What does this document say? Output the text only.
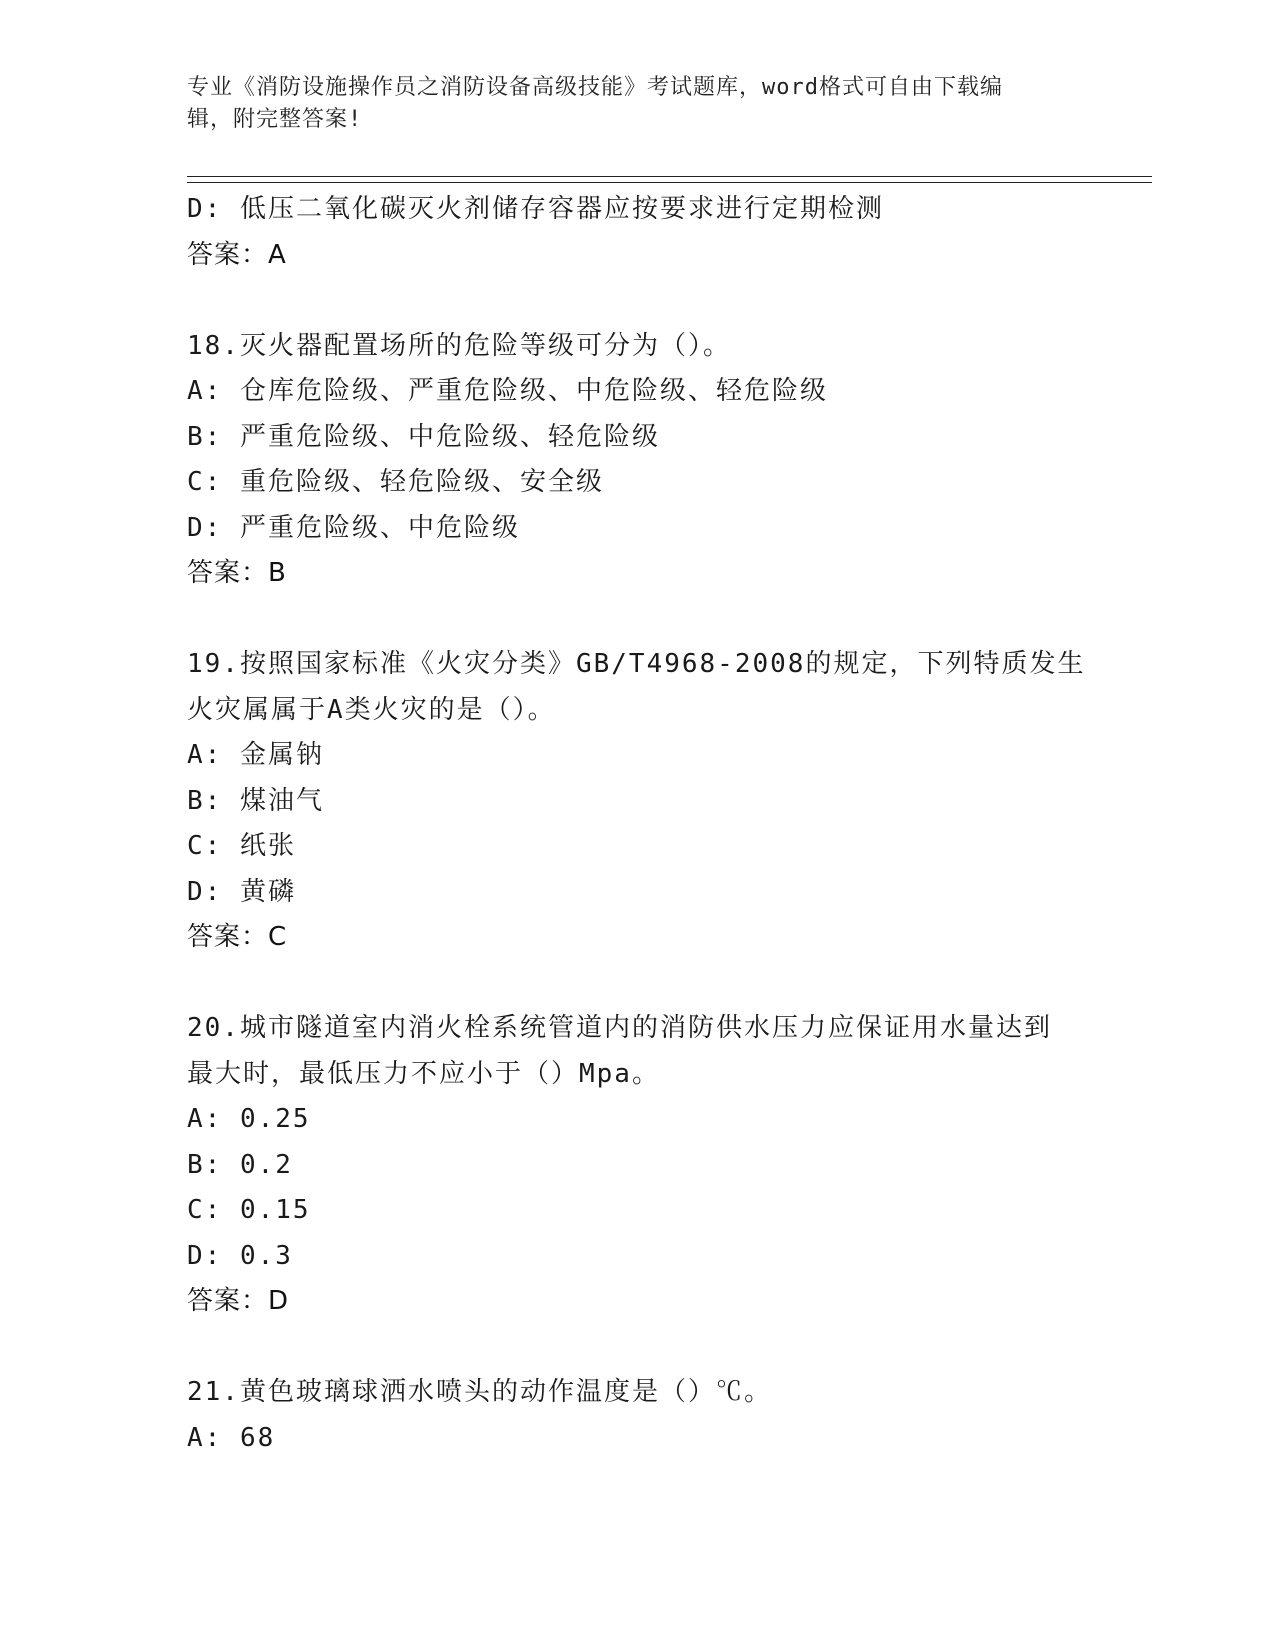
专业《消防设施操作员之消防设备高级技能》考试题库，word格式可自由下载编
辑，附完整答案!
D: 低压二氧化碳灭火剂储存容器应按要求进行定期检测
答案：A
18.灭火器配置场所的危险等级可分为（）。
A: 仓库危险级、严重危险级、中危险级、轻危险级
B: 严重危险级、中危险级、轻危险级
C: 重危险级、轻危险级、安全级
D: 严重危险级、中危险级
答案：B
19.按照国家标准《火灾分类》GB/T4968-2008的规定，下列特质发生
火灾属属于A类火灾的是（）。
A: 金属钠
B: 煤油气
C: 纸张
D: 黄磷
答案：C
20.城市隧道室内消火栓系统管道内的消防供水压力应保证用水量达到
最大时，最低压力不应小于（）Mpa。
A: 0.25
B: 0.2
C: 0.15
D: 0.3
答案：D
21.黄色玻璃球洒水喷头的动作温度是（）℃。
A: 68
